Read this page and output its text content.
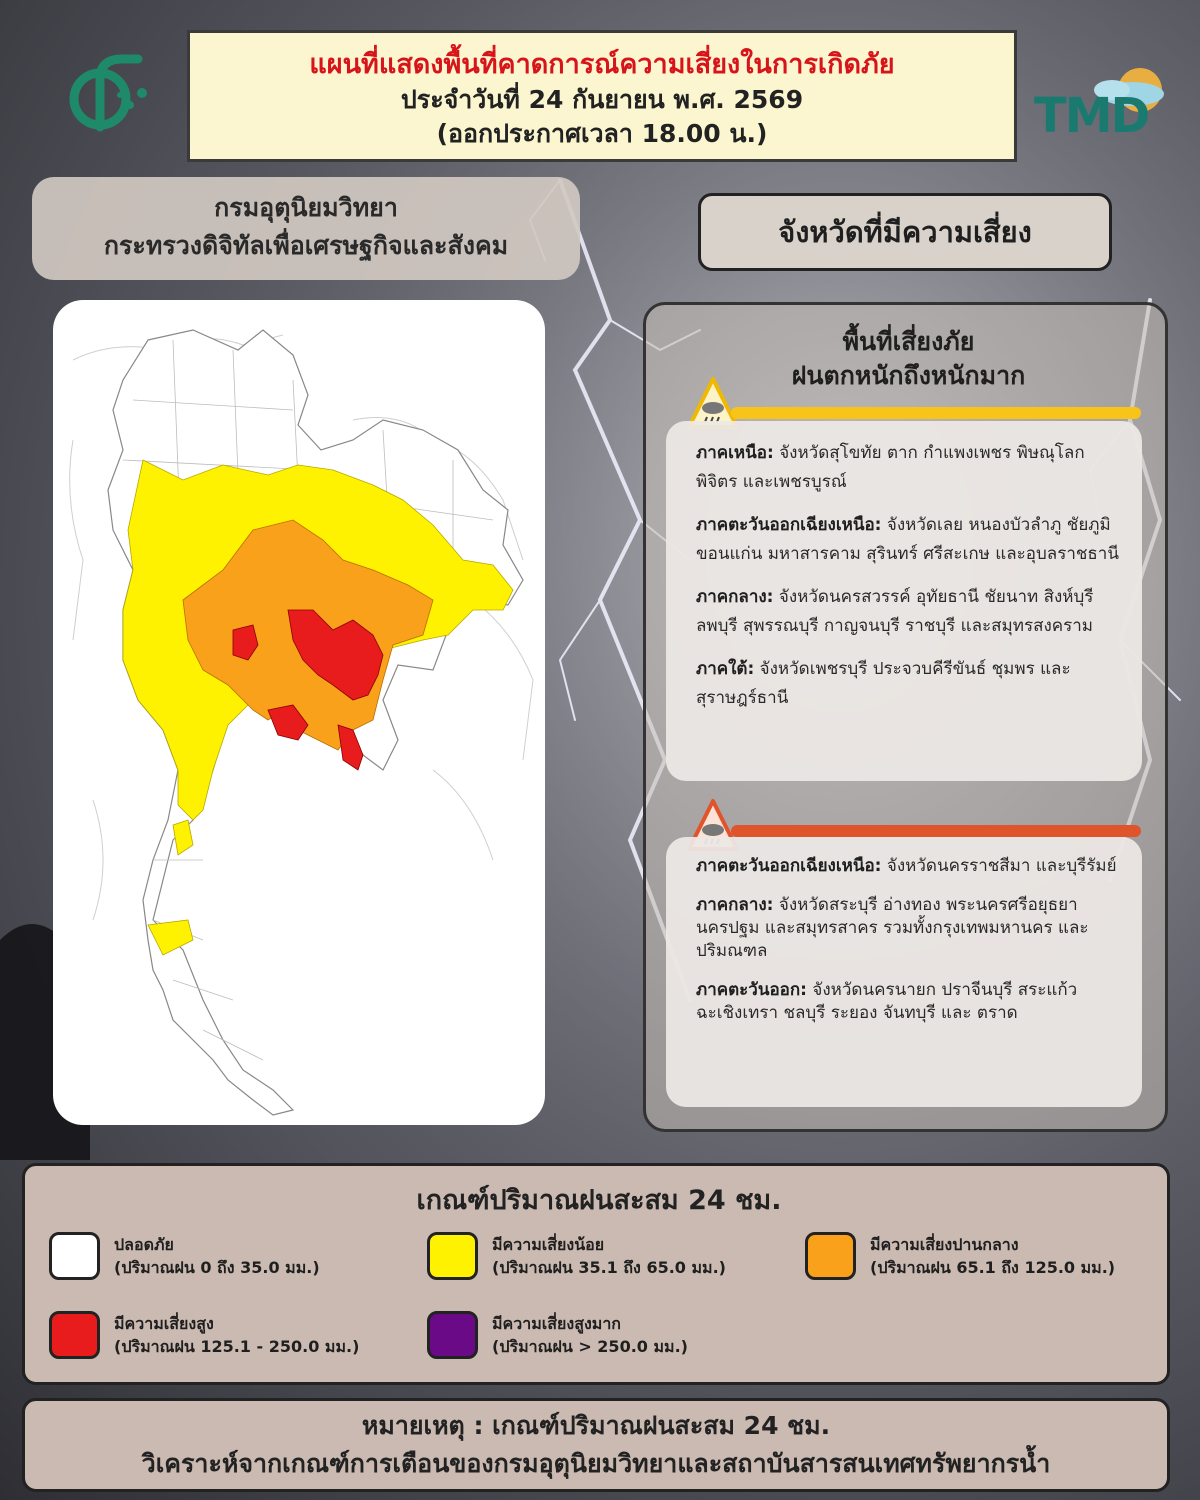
TMD
แผนที่แสดงพื้นที่คาดการณ์ความเสี่ยงในการเกิดภัย
ประจำวันที่ 24 กันยายน พ.ศ. 2569
(ออกประกาศเวลา 18.00 น.)
กรมอุตุนิยมวิทยา
กระทรวงดิจิทัลเพื่อเศรษฐกิจและสังคม	จังหวัดที่มีความเสี่ยง
พื้นที่เสี่ยงภัย
ฝนตกหนักถึงหนักมาก
ภาคเหนือ: จังหวัดสุโขทัย ตาก กำแพงเพชร พิษณุโลก พิจิตร และเพชรบูรณ์
ภาคตะวันออกเฉียงเหนือ: จังหวัดเลย หนองบัวลำภู ชัยภูมิ ขอนแก่น มหาสารคาม สุรินทร์ ศรีสะเกษ และอุบลราชธานี
ภาคกลาง: จังหวัดนครสวรรค์ อุทัยธานี ชัยนาท สิงห์บุรี ลพบุรี สุพรรณบุรี กาญจนบุรี ราชบุรี และสมุทรสงคราม
ภาคใต้: จังหวัดเพชรบุรี ประจวบคีรีขันธ์ ชุมพร และสุราษฎร์ธานี
ภาคตะวันออกเฉียงเหนือ: จังหวัดนครราชสีมา และบุรีรัมย์
ภาคกลาง: จังหวัดสระบุรี อ่างทอง พระนครศรีอยุธยา นครปฐม และสมุทรสาคร รวมทั้งกรุงเทพมหานคร และปริมณฑล
ภาคตะวันออก: จังหวัดนครนายก ปราจีนบุรี สระแก้ว ฉะเชิงเทรา ชลบุรี ระยอง จันทบุรี และ ตราด
เกณฑ์ปริมาณฝนสะสม 24 ชม.
ปลอดภัย
(ปริมาณฝน 0 ถึง 35.0 มม.)
มีความเสี่ยงน้อย
(ปริมาณฝน 35.1 ถึง 65.0 มม.)
มีความเสี่ยงปานกลาง
(ปริมาณฝน 65.1 ถึง 125.0 มม.)
มีความเสี่ยงสูง
(ปริมาณฝน 125.1 - 250.0 มม.)
มีความเสี่ยงสูงมาก
(ปริมาณฝน > 250.0 มม.)
หมายเหตุ : เกณฑ์ปริมาณฝนสะสม 24 ชม.
วิเคราะห์จากเกณฑ์การเตือนของกรมอุตุนิยมวิทยาและสถาบันสารสนเทศทรัพยากรน้ำ
